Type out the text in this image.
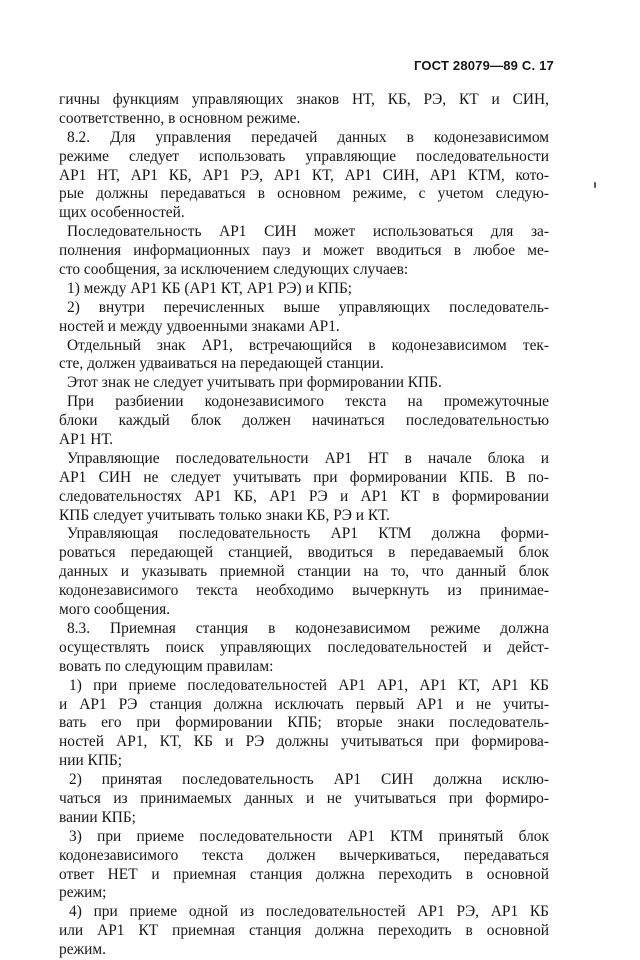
ГОСТ 28079—89 С. 17
гичны функциям управляющих знаков НТ, КБ, РЭ, КТ и СИН,
соответственно, в основном режиме.
8.2. Для управления передачей данных в кодонезависимом
режиме следует использовать управляющие последовательности
АР1 НТ, АР1 КБ, АР1 РЭ, АР1 КТ, АР1 СИН, АР1 КТМ, кото-
рые должны передаваться в основном режиме, с учетом следую-
щих особенностей.
Последовательность АР1 СИН может использоваться для за-
полнения информационных пауз и может вводиться в любое ме-
сто сообщения, за исключением следующих случаев:
1) между АР1 КБ (АР1 КТ, АР1 РЭ) и КПБ;
2) внутри перечисленных выше управляющих последователь-
ностей и между удвоенными знаками АР1.
Отдельный знак АР1, встречающийся в кодонезависимом тек-
сте, должен удваиваться на передающей станции.
Этот знак не следует учитывать при формировании КПБ.
При разбиении кодонезависимого текста на промежуточные
блоки каждый блок должен начинаться последовательностью
АР1 НТ.
Управляющие последовательности АР1 НТ в начале блока и
АР1 СИН не следует учитывать при формировании КПБ. В по-
следовательностях АР1 КБ, АР1 РЭ и АР1 КТ в формировании
КПБ следует учитывать только знаки КБ, РЭ и КТ.
Управляющая последовательность АР1 КТМ должна форми-
роваться передающей станцией, вводиться в передаваемый блок
данных и указывать приемной станции на то, что данный блок
кодонезависимого текста необходимо вычеркнуть из принимае-
мого сообщения.
8.3. Приемная станция в кодонезависимом режиме должна
осуществлять поиск управляющих последовательностей и дейст-
вовать по следующим правилам:
1) при приеме последовательностей АР1 АР1, АР1 КТ, АР1 КБ
и АР1 РЭ станция должна исключать первый АР1 и не учиты-
вать его при формировании КПБ; вторые знаки последователь-
ностей АР1, КТ, КБ и РЭ должны учитываться при формирова-
нии КПБ;
2) принятая последовательность АР1 СИН должна исклю-
чаться из принимаемых данных и не учитываться при формиро-
вании КПБ;
3) при приеме последовательности АР1 КТМ принятый блок
кодонезависимого текста должен вычеркиваться, передаваться
ответ НЕТ и приемная станция должна переходить в основной
режим;
4) при приеме одной из последовательностей АР1 РЭ, АР1 КБ
или АР1 КТ приемная станция должна переходить в основной
режим.
